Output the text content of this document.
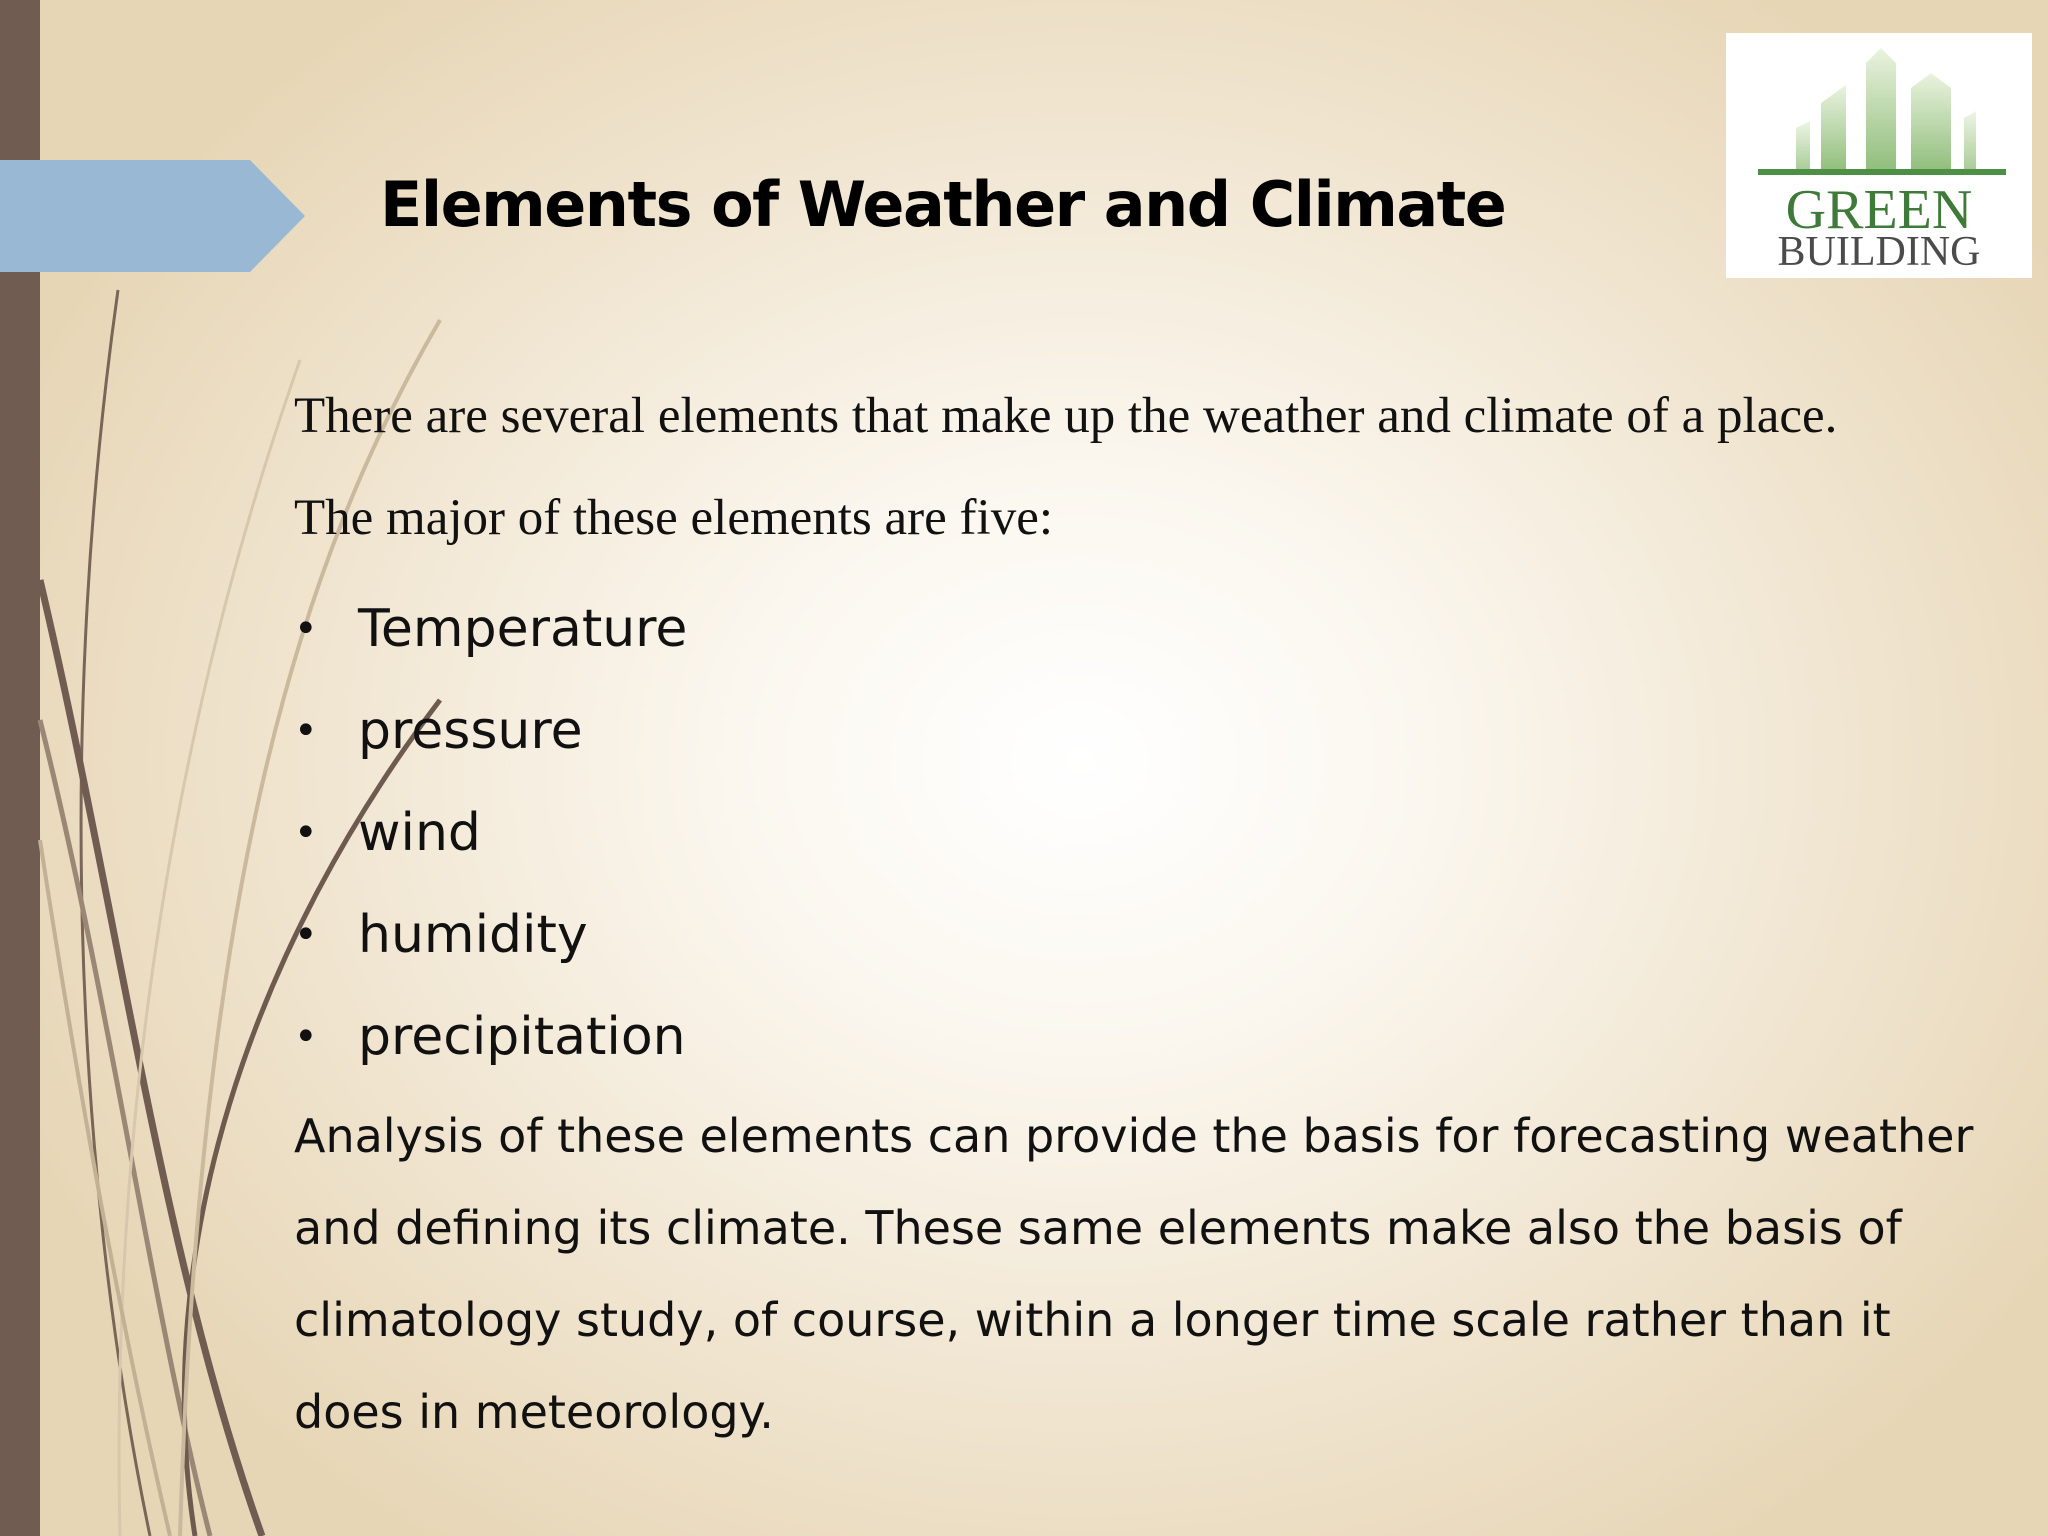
Elements of Weather and Climate	GREEN
BUILDING

There are several elements that make up the weather and climate of a place. The major of these elements are five:

• Temperature
• pressure
• wind
• humidity
• precipitation

Analysis of these elements can provide the basis for forecasting weather and defining its climate. These same elements make also the basis of climatology study, of course, within a longer time scale rather than it does in meteorology.
